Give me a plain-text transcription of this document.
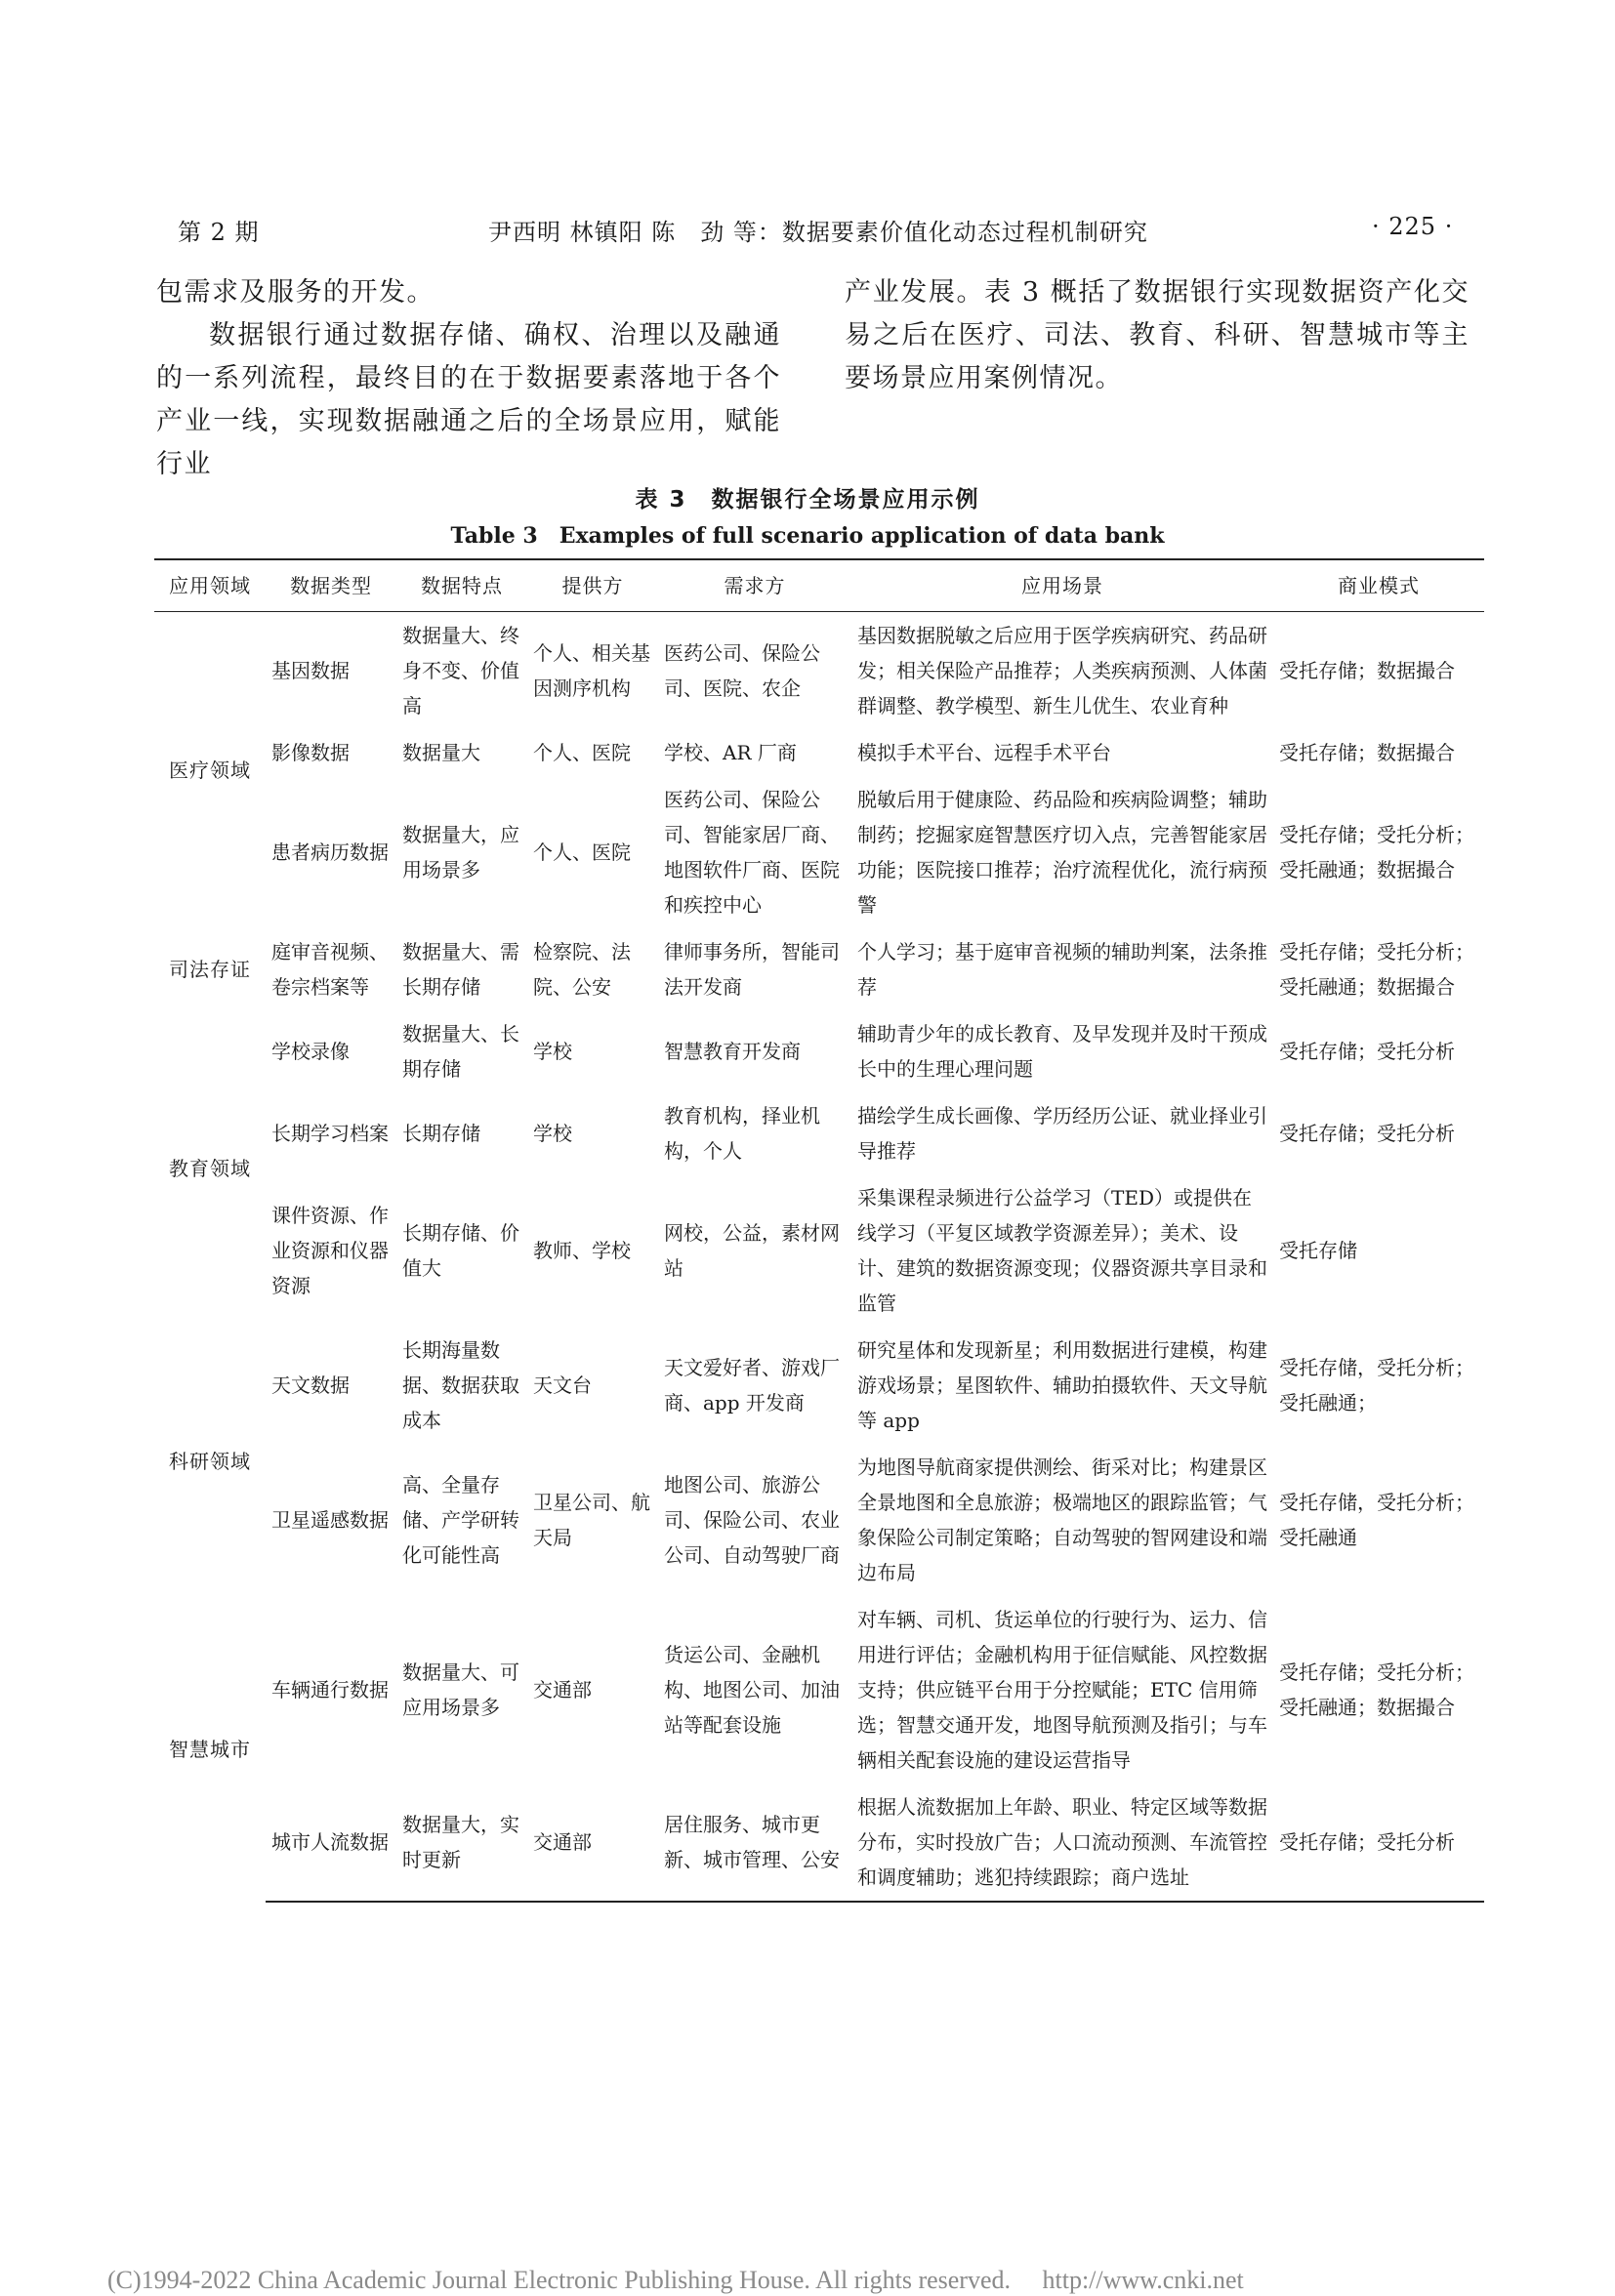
第 2 期	尹西明 林镇阳 陈　劲 等：数据要素价值化动态过程机制研究	· 225 ·

包需求及服务的开发。

数据银行通过数据存储、确权、治理以及融通的一系列流程，最终目的在于数据要素落地于各个产业一线，实现数据融通之后的全场景应用，赋能行业

产业发展。表 3 概括了数据银行实现数据资产化交易之后在医疗、司法、教育、科研、智慧城市等主要场景应用案例情况。

表 3　数据银行全场景应用示例
Table 3　Examples of full scenario application of data bank
应用领域	数据类型	数据特点	提供方	需求方	应用场景	商业模式
医疗领域	基因数据	数据量大、终身不变、价值高	个人、相关基因测序机构	医药公司、保险公司、医院、农企	基因数据脱敏之后应用于医学疾病研究、药品研发；相关保险产品推荐；人类疾病预测、人体菌群调整、教学模型、新生儿优生、农业育种	受托存储；数据撮合
	影像数据	数据量大	个人、医院	学校、AR 厂商	模拟手术平台、远程手术平台	受托存储；数据撮合
	患者病历数据	数据量大，应用场景多	个人、医院	医药公司、保险公司、智能家居厂商、地图软件厂商、医院和疾控中心	脱敏后用于健康险、药品险和疾病险调整；辅助制药；挖掘家庭智慧医疗切入点，完善智能家居功能；医院接口推荐；治疗流程优化，流行病预警	受托存储；受托分析；受托融通；数据撮合
司法存证	庭审音视频、卷宗档案等	数据量大、需长期存储	检察院、法院、公安	律师事务所，智能司法开发商	个人学习；基于庭审音视频的辅助判案，法条推荐	受托存储；受托分析；受托融通；数据撮合
教育领域	学校录像	数据量大、长期存储	学校	智慧教育开发商	辅助青少年的成长教育、及早发现并及时干预成长中的生理心理问题	受托存储；受托分析
	长期学习档案	长期存储	学校	教育机构，择业机构，个人	描绘学生成长画像、学历经历公证、就业择业引导推荐	受托存储；受托分析
	课件资源、作业资源和仪器资源	长期存储、价值大	教师、学校	网校，公益，素材网站	采集课程录频进行公益学习（TED）或提供在线学习（平复区域教学资源差异）；美术、设计、建筑的数据资源变现；仪器资源共享目录和监管	受托存储
科研领域	天文数据	长期海量数据、数据获取成本	天文台	天文爱好者、游戏厂商、app 开发商	研究星体和发现新星；利用数据进行建模，构建游戏场景；星图软件、辅助拍摄软件、天文导航等 app	受托存储，受托分析；受托融通；
	卫星遥感数据	高、全量存储、产学研转化可能性高	卫星公司、航天局	地图公司、旅游公司、保险公司、农业公司、自动驾驶厂商	为地图导航商家提供测绘、街采对比；构建景区全景地图和全息旅游；极端地区的跟踪监管；气象保险公司制定策略；自动驾驶的智网建设和端边布局	受托存储，受托分析；受托融通
智慧城市	车辆通行数据	数据量大、可应用场景多	交通部	货运公司、金融机构、地图公司、加油站等配套设施	对车辆、司机、货运单位的行驶行为、运力、信用进行评估；金融机构用于征信赋能、风控数据支持；供应链平台用于分控赋能；ETC 信用筛选；智慧交通开发，地图导航预测及指引；与车辆相关配套设施的建设运营指导	受托存储；受托分析；受托融通；数据撮合
	城市人流数据	数据量大，实时更新	交通部	居住服务、城市更新、城市管理、公安	根据人流数据加上年龄、职业、特定区域等数据分布，实时投放广告；人口流动预测、车流管控和调度辅助；逃犯持续跟踪；商户选址	受托存储；受托分析
(C)1994-2022 China Academic Journal Electronic Publishing House. All rights reserved.　 http://www.cnki.net
